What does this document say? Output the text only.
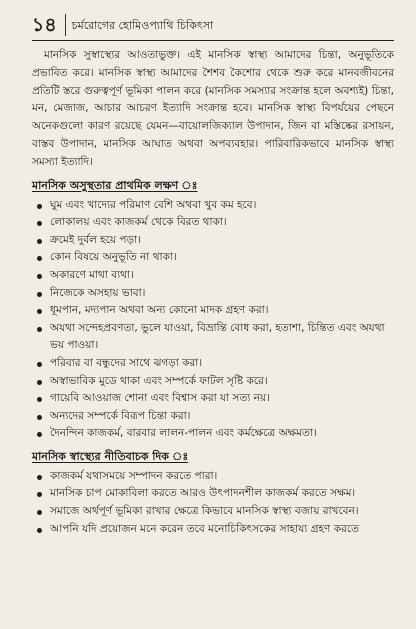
১৪	চর্মরোগের হোমিওপ্যাথি চিকিৎসা

মানসিক সুস্বাস্থ্যের আওতাভুক্ত। এই মানসিক স্বাস্থ্য আমাদের চিন্তা, অনুভূতিকে প্রভাবিত করে। মানসিক স্বাস্থ্য আমাদের শৈশব কৈশোর থেকে শুরু করে মানবজীবনের প্রতিটি স্তরে গুরুত্বপূর্ণ ভূমিকা পালন করে (মানসিক সমস্যার সংক্রান্ত হলে অবশ্যই) চিন্তা, মন, মেজাজ, আচার আচরণ ইত্যাদি সংক্রান্ত হবে। মানসিক স্বাস্থ্য বিপর্যয়ের পেছনে অনেকগুলো কারণ রয়েছে যেমন—বায়োলজিক্যাল উপাদান, জিন বা মস্তিষ্কের রসায়ন, বাস্তব উপাদান, মানসিক আঘাত অথবা অপব্যবহার। পারিবারিকভাবে মানসিক স্বাস্থ্য সমস্যা ইত্যাদি।

মানসিক অসুস্থতার প্রাথমিক লক্ষণ ঃ
ঘুম এবং খাদ্যের পরিমাণ বেশি অথবা খুব কম হবে।
লোকালয় এবং কাজকর্ম থেকে বিরত থাকা।
ক্রমেই দুর্বল হয়ে পড়া।
কোন বিষয়ে অনুভূতি না থাকা।
অকারণে মাথা ব্যথা।
নিজেকে অসহায় ভাবা।
ধূমপান, মদ্যপান অথবা অন্য কোনো মাদক গ্রহণ করা।
অযথা সন্দেহপ্রবণতা, ভুলে যাওয়া, বিভ্রান্তি বোধ করা, হতাশা, চিন্তিত এবং অযথা ভয় পাওয়া।
পরিবার বা বন্ধুদের সাথে ঝগড়া করা।
অস্বাভাবিক মুডে থাকা এবং সম্পর্কে ফাটল সৃষ্টি করে।
গায়েবি আওয়াজ শোনা এবং বিশ্বাস করা যা সত্য নয়।
অন্যদের সম্পর্কে বিরূপ চিন্তা করা।
দৈনন্দিন কাজকর্ম, বারবার লালন-পালন এবং কর্মক্ষেত্রে অক্ষমতা।
মানসিক স্বাস্থ্যের নীতিবাচক দিক ঃ
কাজকর্ম যথাসময়ে সম্পাদন করতে পারা।
মানসিক চাপ মোকাবিলা করতে আরও উৎপাদনশীল কাজকর্ম করতে সক্ষম।
সমাজে অর্থপূর্ণ ভূমিকা রাখার ক্ষেত্রে কিভাবে মানসিক স্বাস্থ্য বজায় রাখবেন।
আপনি যদি প্রয়োজন মনে করেন তবে মনোচিকিৎসকের সাহায্য গ্রহণ করতে
